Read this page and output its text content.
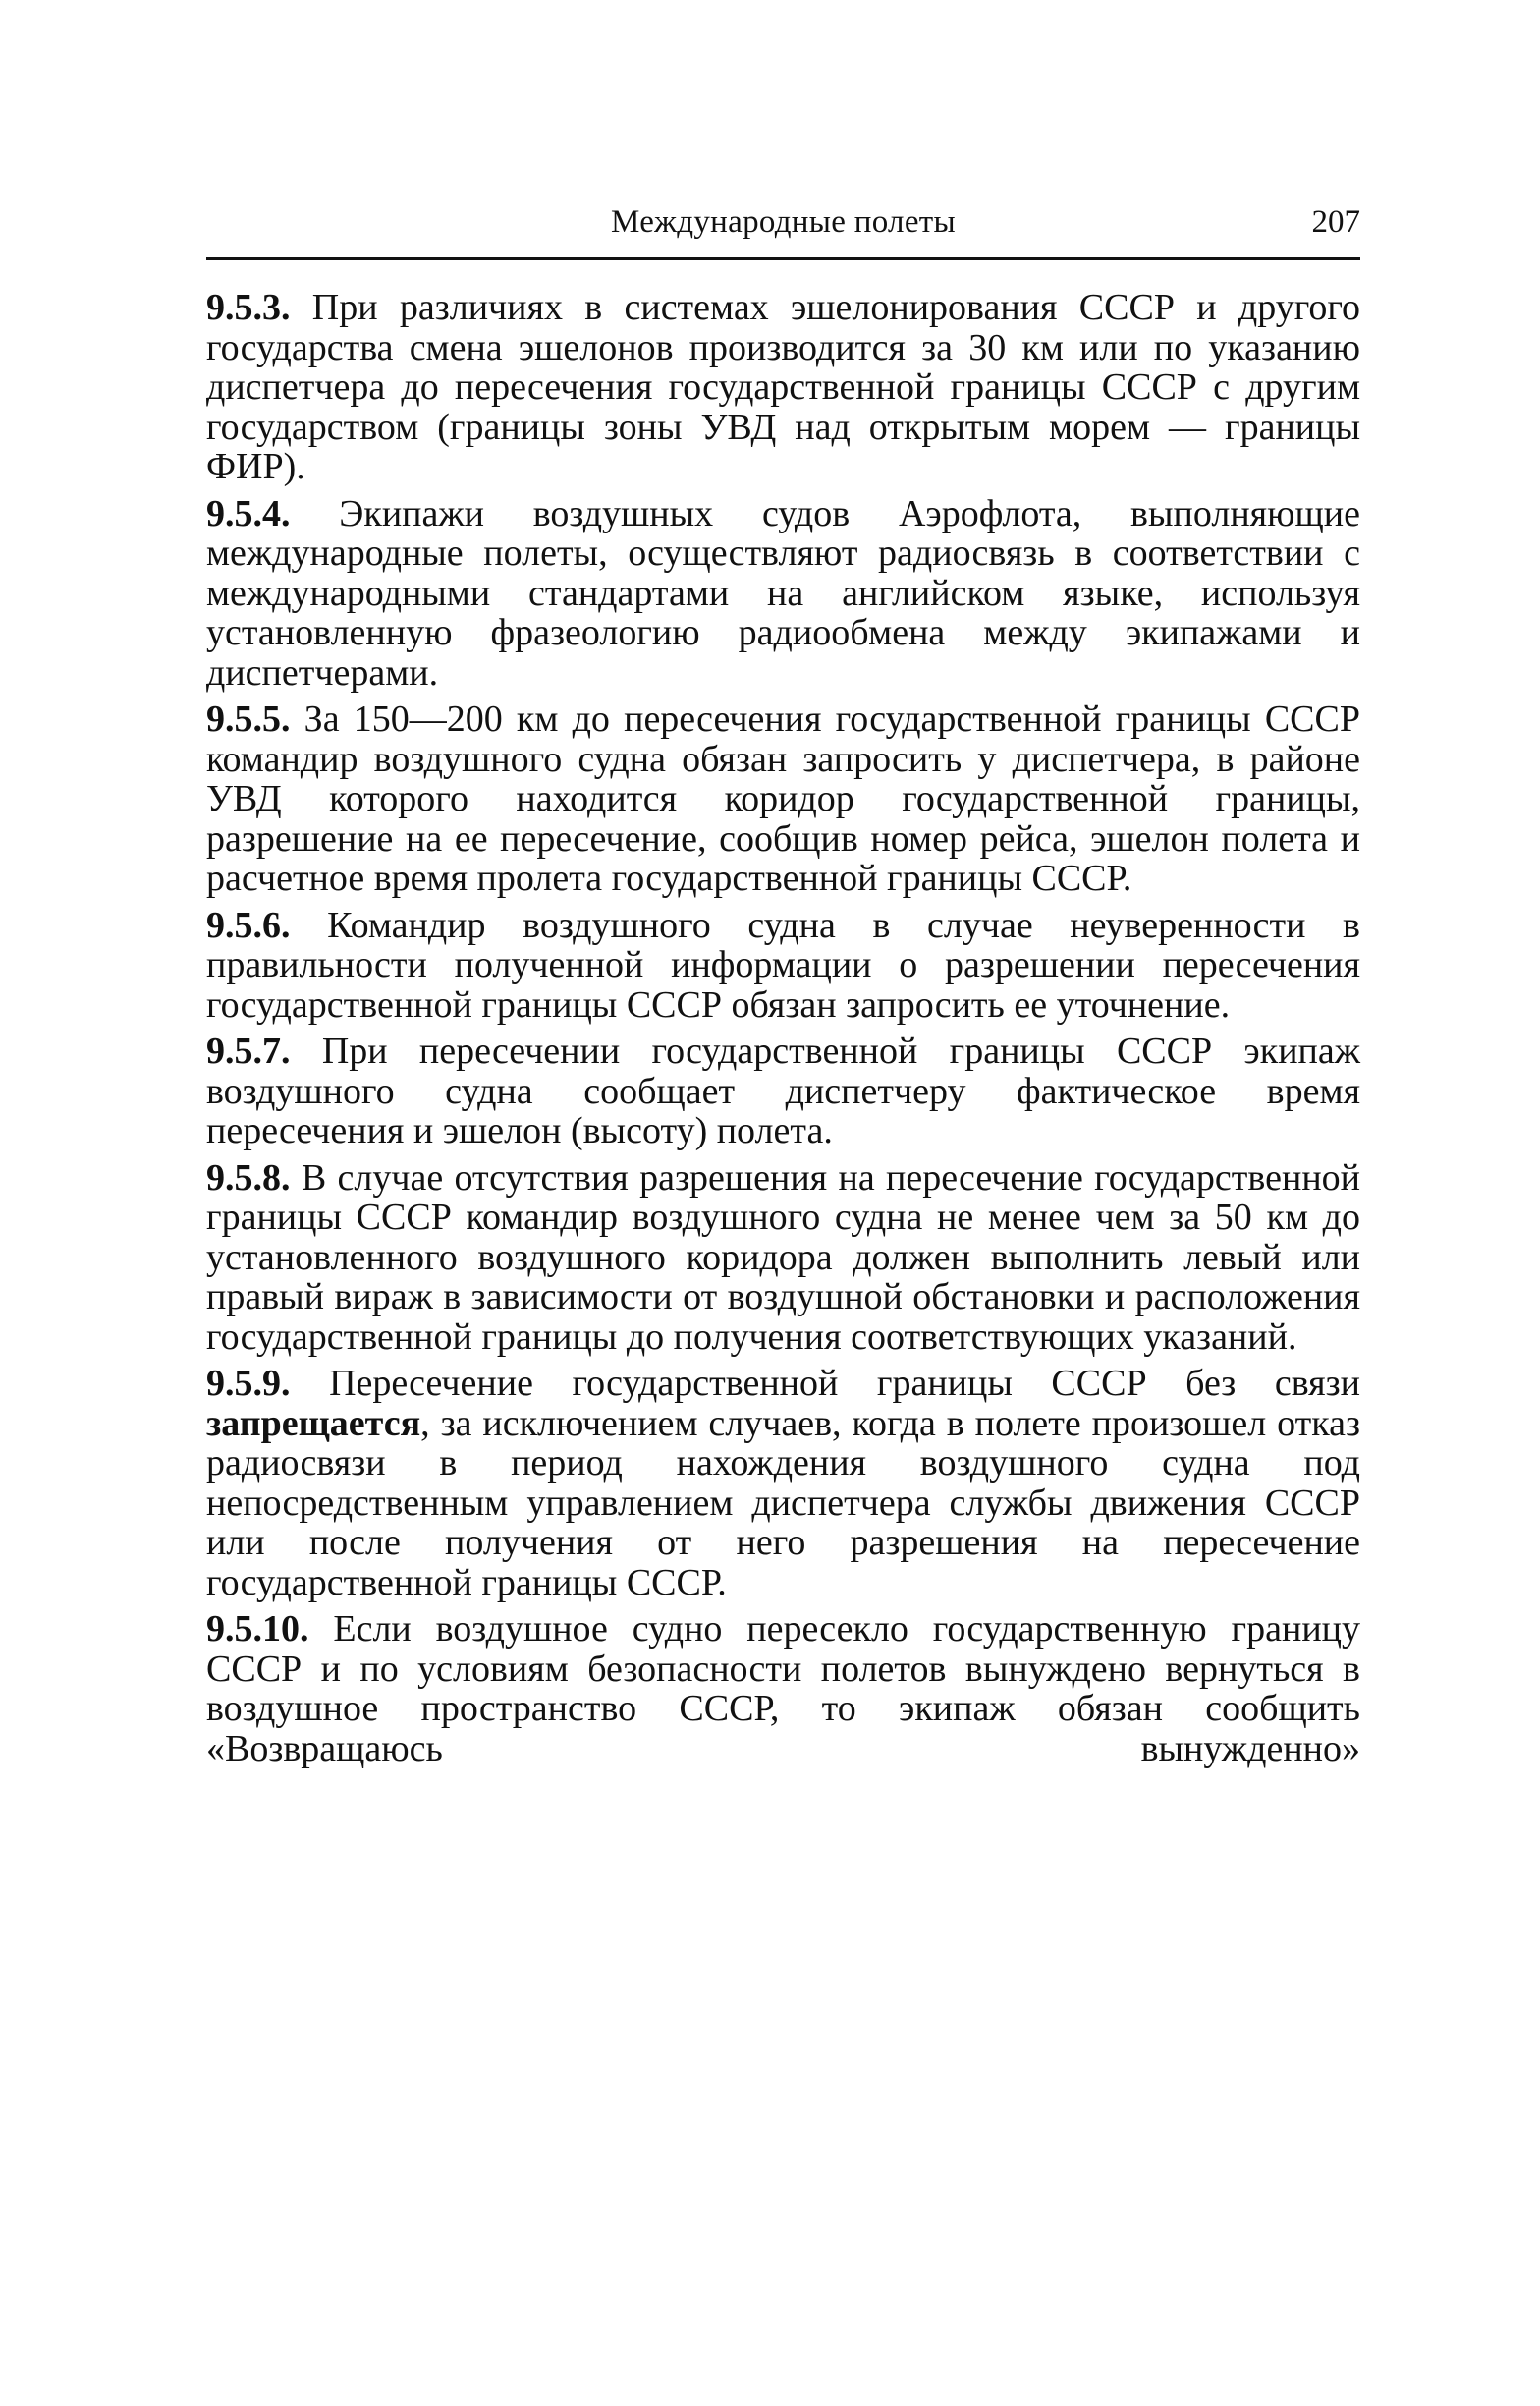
Международные полеты	207

9.5.3. При различиях в системах эшелонирования СССР и другого государства смена эшелонов производится за 30 км или по указанию диспетчера до пересечения государственной границы СССР с другим государством (границы зоны УВД над открытым морем — границы ФИР).

9.5.4. Экипажи воздушных судов Аэрофлота, выполняющие международные полеты, осуществляют радиосвязь в соответствии с международными стандартами на английском языке, используя установленную фразеологию радиообмена между экипажами и диспетчерами.

9.5.5. За 150—200 км до пересечения государственной границы СССР командир воздушного судна обязан запросить у диспетчера, в районе УВД которого находится коридор государственной границы, разрешение на ее пересечение, сообщив номер рейса, эшелон полета и расчетное время пролета государственной границы СССР.

9.5.6. Командир воздушного судна в случае неуверенности в правильности полученной информации о разрешении пересечения государственной границы СССР обязан запросить ее уточнение.

9.5.7. При пересечении государственной границы СССР экипаж воздушного судна сообщает диспетчеру фактическое время пересечения и эшелон (высоту) полета.

9.5.8. В случае отсутствия разрешения на пересечение государственной границы СССР командир воздушного судна не менее чем за 50 км до установленного воздушного коридора должен выполнить левый или правый вираж в зависимости от воздушной обстановки и расположения государственной границы до получения соответствующих указаний.

9.5.9. Пересечение государственной границы СССР без связи запрещается, за исключением случаев, когда в полете произошел отказ радиосвязи в период нахождения воздушного судна под непосредственным управлением диспетчера службы движения СССР или после получения от него разрешения на пересечение государственной границы СССР.

9.5.10. Если воздушное судно пересекло государственную границу СССР и по условиям безопасности полетов вынуждено вернуться в воздушное пространство СССР, то экипаж обязан сообщить «Возвращаюсь вынужденно»
